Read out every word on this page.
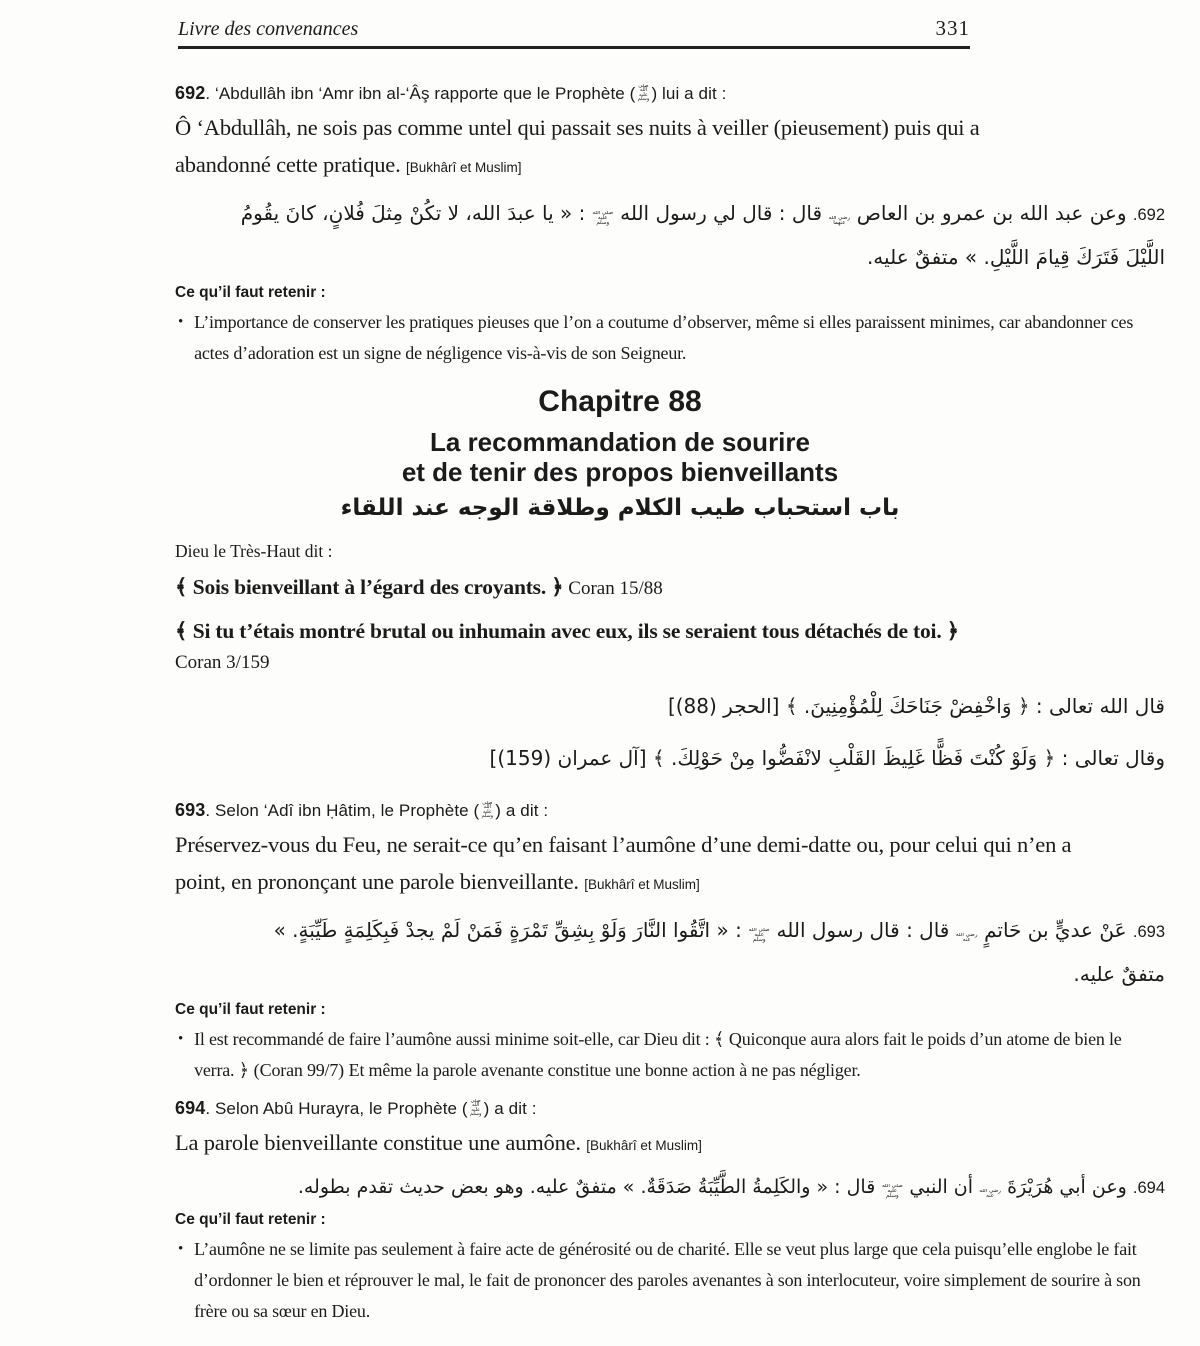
Livre des convenances	331
692. ‘Abdullâh ibn ‘Amr ibn al-‘Âş rapporte que le Prophète ( صلى الله عليه وسلم ) lui a dit :
Ô ‘Abdullâh, ne sois pas comme untel qui passait ses nuits à veiller (pieusement) puis qui a abandonné cette pratique. [Bukhârî et Muslim]
692. وعن عبد الله بن عمرو بن العاص رضي الله عنهما قال : قال لي رسول الله صلى الله عليه وسلم : « يا عبدَ الله، لا تكُنْ مِثلَ فُلانٍ، كانَ يقُومُ
اللَّيْلَ فَتَرَكَ قِيامَ اللَّيْلِ. » متفقٌ عليه.
Ce qu’il faut retenir :
• L’importance de conserver les pratiques pieuses que l’on a coutume d’observer, même si elles paraissent minimes, car abandonner ces actes d’adoration est un signe de négligence vis-à-vis de son Seigneur.
Chapitre 88
La recommandation de sourire
et de tenir des propos bienveillants
باب استحباب طيب الكلام وطلاقة الوجه عند اللقاء
Dieu le Très-Haut dit :
﴾ Sois bienveillant à l’égard des croyants. ﴿ Coran 15/88
﴾ Si tu t’étais montré brutal ou inhumain avec eux, ils se seraient tous détachés de toi. ﴿
Coran 3/159
قال الله تعالى : ﴿ وَاخْفِضْ جَنَاحَكَ لِلْمُؤْمِنِينَ. ﴾ [الحجر (88)]
وقال تعالى : ﴿ وَلَوْ كُنْتَ فَظًّا غَلِيظَ القَلْبِ لانْفَضُّوا مِنْ حَوْلِكَ. ﴾ [آل عمران (159)]
693. Selon ‘Adî ibn Ḥâtim, le Prophète ( صلى الله عليه وسلم ) a dit :
Préservez-vous du Feu, ne serait-ce qu’en faisant l’aumône d’une demi-datte ou, pour celui qui n’en a point, en prononçant une parole bienveillante. [Bukhârî et Muslim]
693. عَنْ عديٍّ بن حَاتمٍ رضي الله عنه قال : قال رسول الله صلى الله عليه وسلم : « اتَّقُوا النَّارَ وَلَوْ بِشِقِّ تَمْرَةٍ فَمَنْ لَمْ يجدْ فَبِكَلِمَةٍ طَيِّبَةٍ. »
متفقٌ عليه.
Ce qu’il faut retenir :
• Il est recommandé de faire l’aumône aussi minime soit-elle, car Dieu dit : ﴾ Quiconque aura alors fait le poids d’un atome de bien le verra. ﴿ (Coran 99/7) Et même la parole avenante constitue une bonne action à ne pas négliger.
694. Selon Abû Hurayra, le Prophète ( صلى الله عليه وسلم ) a dit :
La parole bienveillante constitue une aumône. [Bukhârî et Muslim]
694. وعن أبي هُرَيْرَةَ رضي الله عنه أن النبي صلى الله عليه وسلم قال : « والكَلِمةُ الطَّيِّبَةُ صَدَقَةٌ. » متفقٌ عليه. وهو بعض حديث تقدم بطوله.
Ce qu’il faut retenir :
• L’aumône ne se limite pas seulement à faire acte de générosité ou de charité. Elle se veut plus large que cela puisqu’elle englobe le fait d’ordonner le bien et réprouver le mal, le fait de prononcer des paroles avenantes à son interlocuteur, voire simplement de sourire à son frère ou sa sœur en Dieu.
